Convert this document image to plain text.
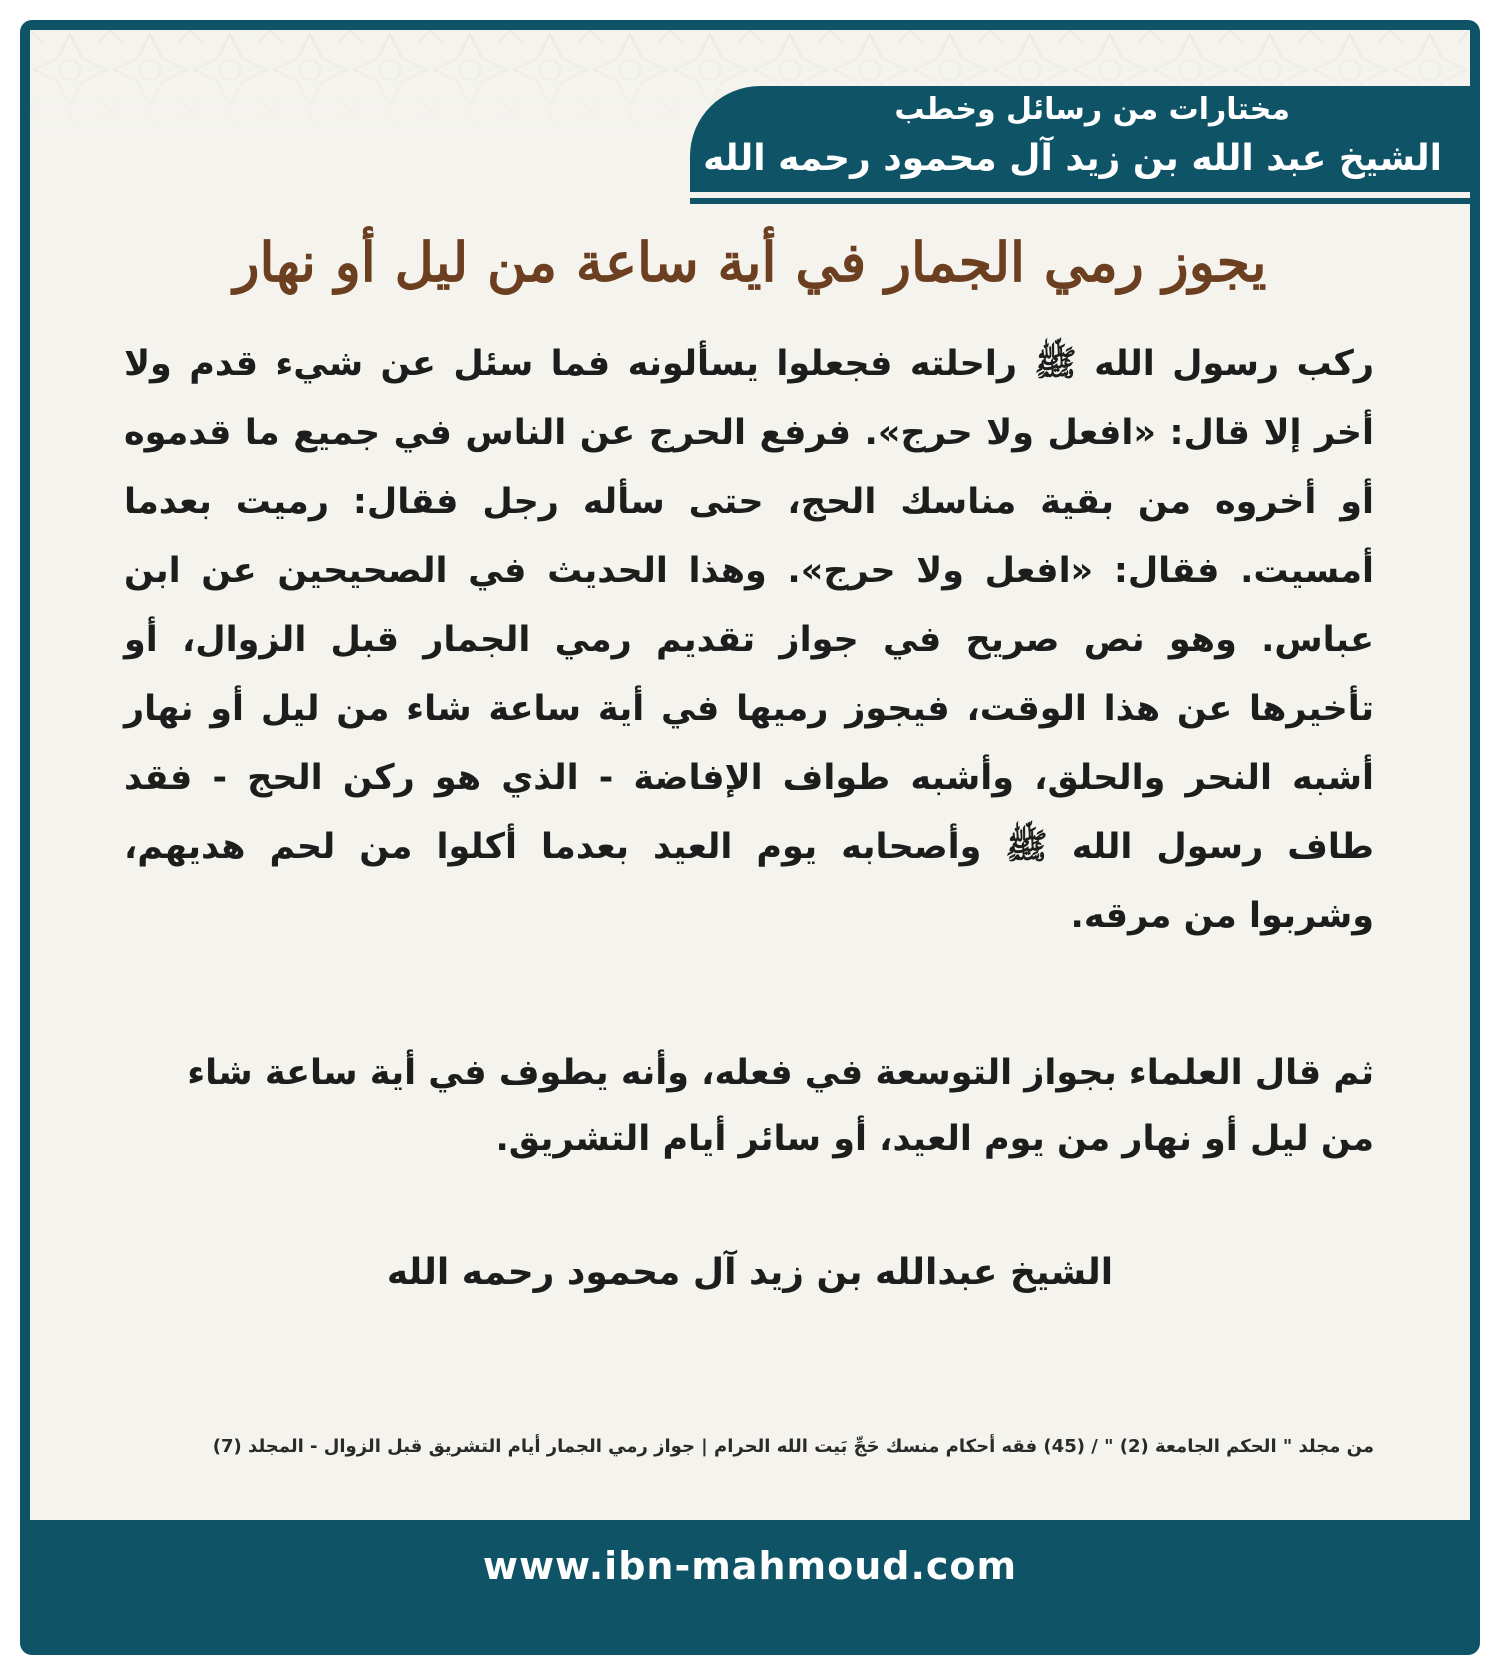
مختارات من رسائل وخطب
الشيخ عبد الله بن زيد آل محمود رحمه الله
يجوز رمي الجمار في أية ساعة من ليل أو نهار
ركب رسول الله ﷺ راحلته فجعلوا يسألونه فما سئل عن شيء قدم ولا أخر إلا قال: «افعل ولا حرج». فرفع الحرج عن الناس في جميع ما قدموه أو أخروه من بقية مناسك الحج، حتى سأله رجل فقال: رميت بعدما أمسيت. فقال: «افعل ولا حرج». وهذا الحديث في الصحيحين عن ابن عباس. وهو نص صريح في جواز تقديم رمي الجمار قبل الزوال، أو تأخيرها عن هذا الوقت، فيجوز رميها في أية ساعة شاء من ليل أو نهار أشبه النحر والحلق، وأشبه طواف الإفاضة - الذي هو ركن الحج - فقد طاف رسول الله ﷺ وأصحابه يوم العيد بعدما أكلوا من لحم هديهم، وشربوا من مرقه.
ثم قال العلماء بجواز التوسعة في فعله، وأنه يطوف في أية ساعة شاء من ليل أو نهار من يوم العيد، أو سائر أيام التشريق.
الشيخ عبدالله بن زيد آل محمود رحمه الله
من مجلد " الحكم الجامعة (2) " / (45) فقه أحكام منسك حَجِّ بَيت الله الحرام | جواز رمي الجمار أيام التشريق قبل الزوال - المجلد (7)
www.ibn-mahmoud.com
